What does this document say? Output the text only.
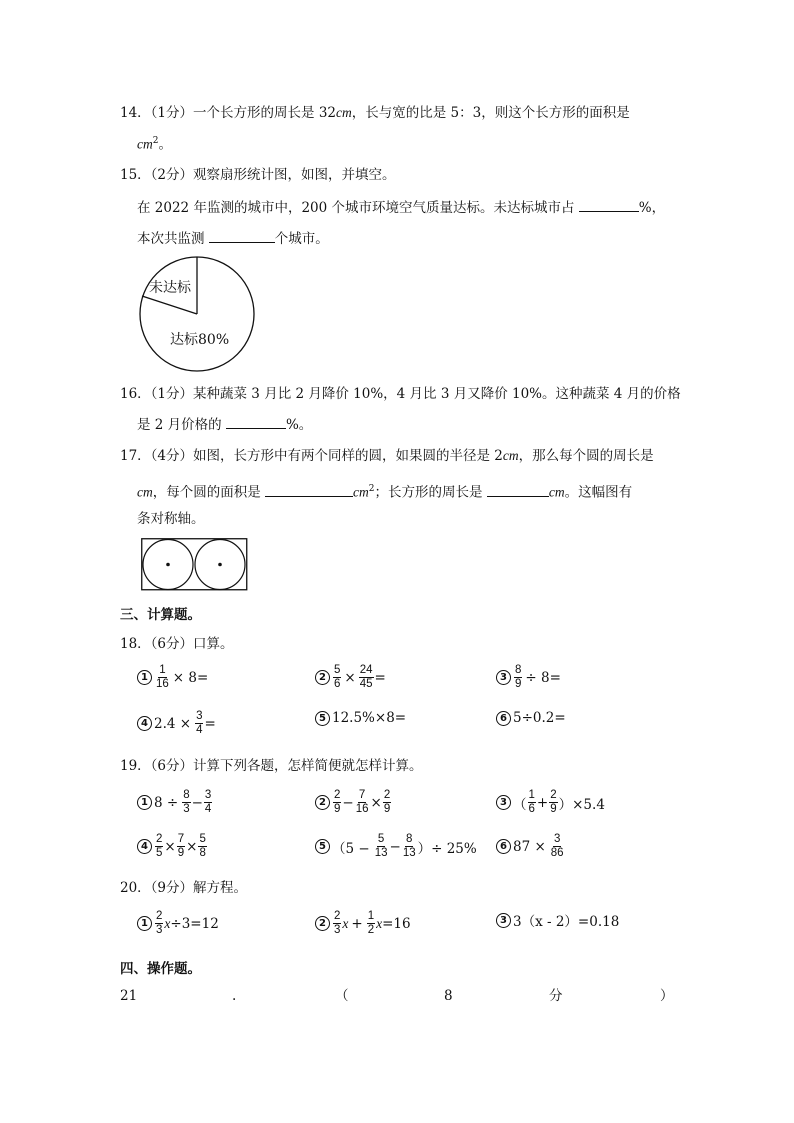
14．（1分）一个长方形的周长是 32cm，长与宽的比是 5：3，则这个长方形的面积是
$cm^2$。
15．（2分）观察扇形统计图，如图，并填空。
在 2022 年监测的城市中，200 个城市环境空气质量达标。未达标城市占	%，
本次共监测	个城市。
未达标
达标80%
16．（1分）某种蔬菜 3 月比 2 月降价 10%，4 月比 3 月又降价 10%。这种蔬菜 4 月的价格
是 2 月价格的	%。
17．（4分）如图，长方形中有两个同样的圆，如果圆的半径是 2cm，那么每个圆的周长是
cm，每个圆的面积是	$cm^2$；长方形的周长是	cm。这幅图有
条对称轴。
三、计算题。
18．（6分）口算。
$1 \frac{1}{16} \times 8=$	$2 \frac{5}{6} \times \frac{24}{45}$ =	$3 \frac{8}{9} \div 8=$
4 $2.4 \times \frac{3}{4}$ =	5 12.5%×8=	6 5÷0.2=
19．（6分）计算下列各题，怎样简便就怎样计算。
1 $8 \div \frac{8}{3} - \frac{3}{4}$	$2 \frac{2}{9} - \frac{7}{16} \times \frac{2}{9}$	3 （ $\frac{1}{6} + \frac{2}{9} )\times 5.4$
$4 \frac{2}{5} \times \frac{7}{9} \times \frac{5}{8}$	5 （$5 - \frac{5}{13} - \frac{8}{13}$ ）÷ 25%	6 $87 \times \frac{3}{86}$
20．（9分）解方程。
$1 \frac{2}{3}$ x ÷3=12	$2 \frac{2}{3}$ $x + \frac{1}{2}$ x =16	3 3（x - 2）=0.18
四、操作题。
21	.	（	8	分	）
